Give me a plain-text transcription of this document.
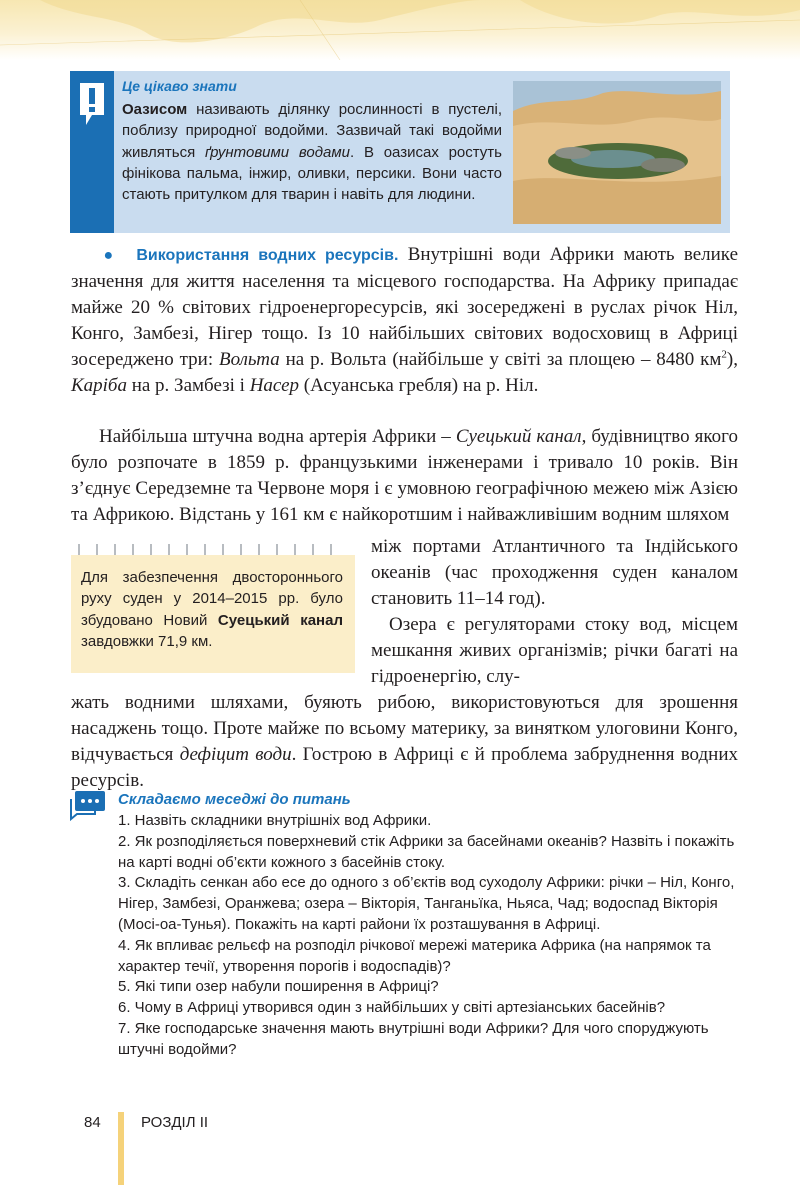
Це цікаво знати
Оазисом називають ділянку рослинності в пустелі, поблизу природної водойми. Зазвичай такі водойми живляться ґрунтовими водами. В оазисах ростуть фінікова пальма, інжир, оливки, персики. Вони часто стають притулком для тварин і навіть для людини.
● Використання водних ресурсів. Внутрішні води Африки мають велике значення для життя населення та місцевого господарства. На Африку припадає майже 20 % світових гідроенергоресурсів, які зосереджені в руслах річок Ніл, Конго, Замбезі, Нігер тощо. Із 10 найбільших світових водосховищ в Африці зосереджено три: Вольта на р. Вольта (найбільше у світі за площею – 8480 $км^2$), Каріба на р. Замбезі і Насер (Асуанська гребля) на р. Ніл.
Найбільша штучна водна артерія Африки – Суецький канал, будівництво якого було розпочате в 1859 р. французькими інженерами і тривало 10 років. Він з’єднує Середземне та Червоне моря і є умовною географічною межею між Азією та Африкою. Відстань у 161 км є найкоротшим і найважливішим водним шляхом
між портами Атлантичного та Індійського океанів (час проходження суден каналом становить 11–14 год).
Озера є регуляторами стоку вод, місцем мешкання живих організмів; річки багаті на гідроенергію, слу-
жать водними шляхами, буяють рибою, використовуються для зрошення насаджень тощо. Проте майже по всьому материку, за винятком улоговини Конго, відчувається дефіцит води. Гострою в Африці є й проблема забруднення водних ресурсів.
Для забезпечення двостороннього руху суден у 2014–2015 рр. було збудовано Новий Суецький канал завдовжки 71,9 км.
Складаємо меседжі до питань
1. Назвіть складники внутрішніх вод Африки.
2. Як розподіляється поверхневий стік Африки за басейнами океанів? Назвіть і покажіть на карті водні об’єкти кожного з басейнів стоку.
3. Складіть сенкан або есе до одного з об’єктів вод суходолу Африки: річки – Ніл, Конго, Нігер, Замбезі, Оранжева; озера – Вікторія, Танганьїка, Ньяса, Чад; водоспад Вікторія (Мосі-оа-Тунья). Покажіть на карті райони їх розташування в Африці.
4. Як впливає рельєф на розподіл річкової мережі материка Африка (на напрямок та характер течії, утворення порогів і водоспадів)?
5. Які типи озер набули поширення в Африці?
6. Чому в Африці утворився один з найбільших у світі артезіанських басейнів?
7. Яке господарське значення мають внутрішні води Африки? Для чого споруджують штучні водойми?
84	РОЗДІЛ II
